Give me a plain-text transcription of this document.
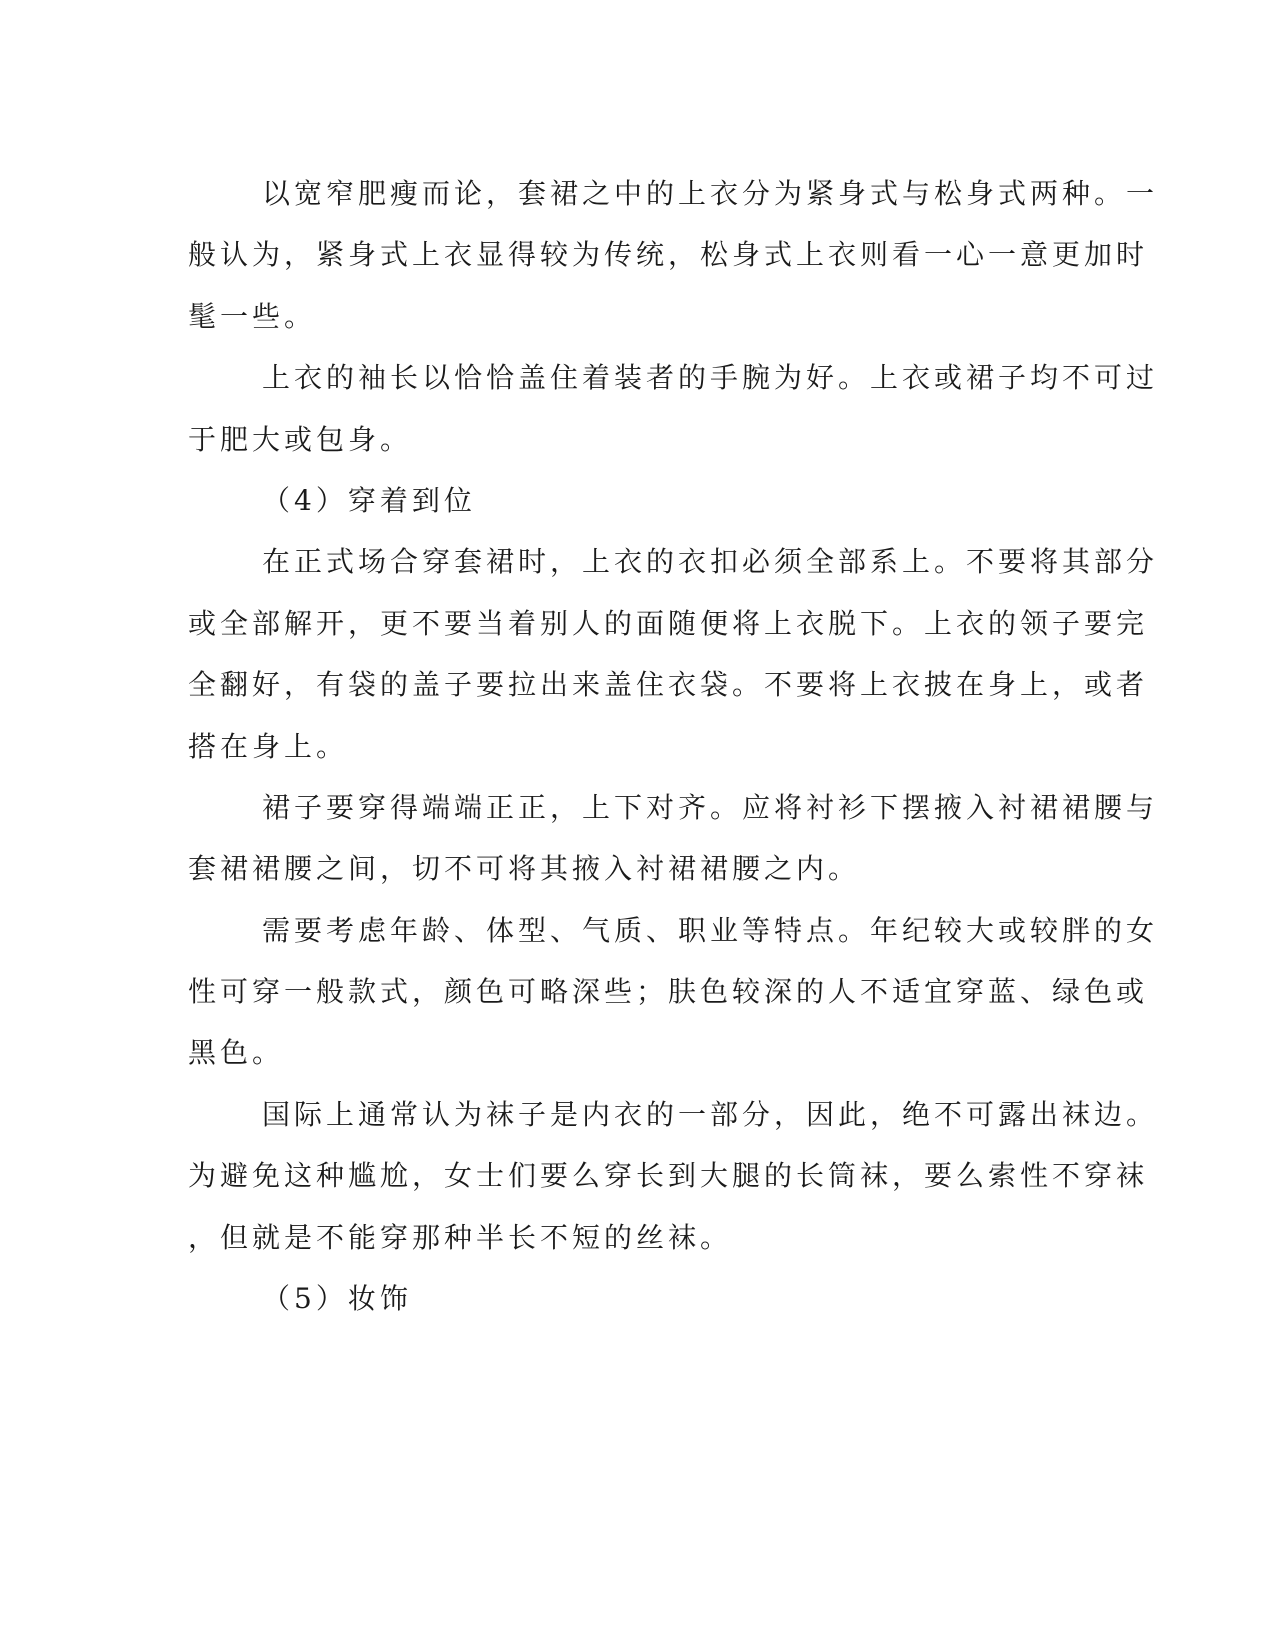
以宽窄肥瘦而论，套裙之中的上衣分为紧身式与松身式两种。一
般认为，紧身式上衣显得较为传统，松身式上衣则看一心一意更加时
髦一些。
上衣的袖长以恰恰盖住着装者的手腕为好。上衣或裙子均不可过
于肥大或包身。
（4）穿着到位
在正式场合穿套裙时，上衣的衣扣必须全部系上。不要将其部分
或全部解开，更不要当着别人的面随便将上衣脱下。上衣的领子要完
全翻好，有袋的盖子要拉出来盖住衣袋。不要将上衣披在身上，或者
搭在身上。
裙子要穿得端端正正，上下对齐。应将衬衫下摆掖入衬裙裙腰与
套裙裙腰之间，切不可将其掖入衬裙裙腰之内。
需要考虑年龄、体型、气质、职业等特点。年纪较大或较胖的女
性可穿一般款式，颜色可略深些；肤色较深的人不适宜穿蓝、绿色或
黑色。
国际上通常认为袜子是内衣的一部分，因此，绝不可露出袜边。
为避免这种尴尬，女士们要么穿长到大腿的长筒袜，要么索性不穿袜
，但就是不能穿那种半长不短的丝袜。
（5）妆饰
